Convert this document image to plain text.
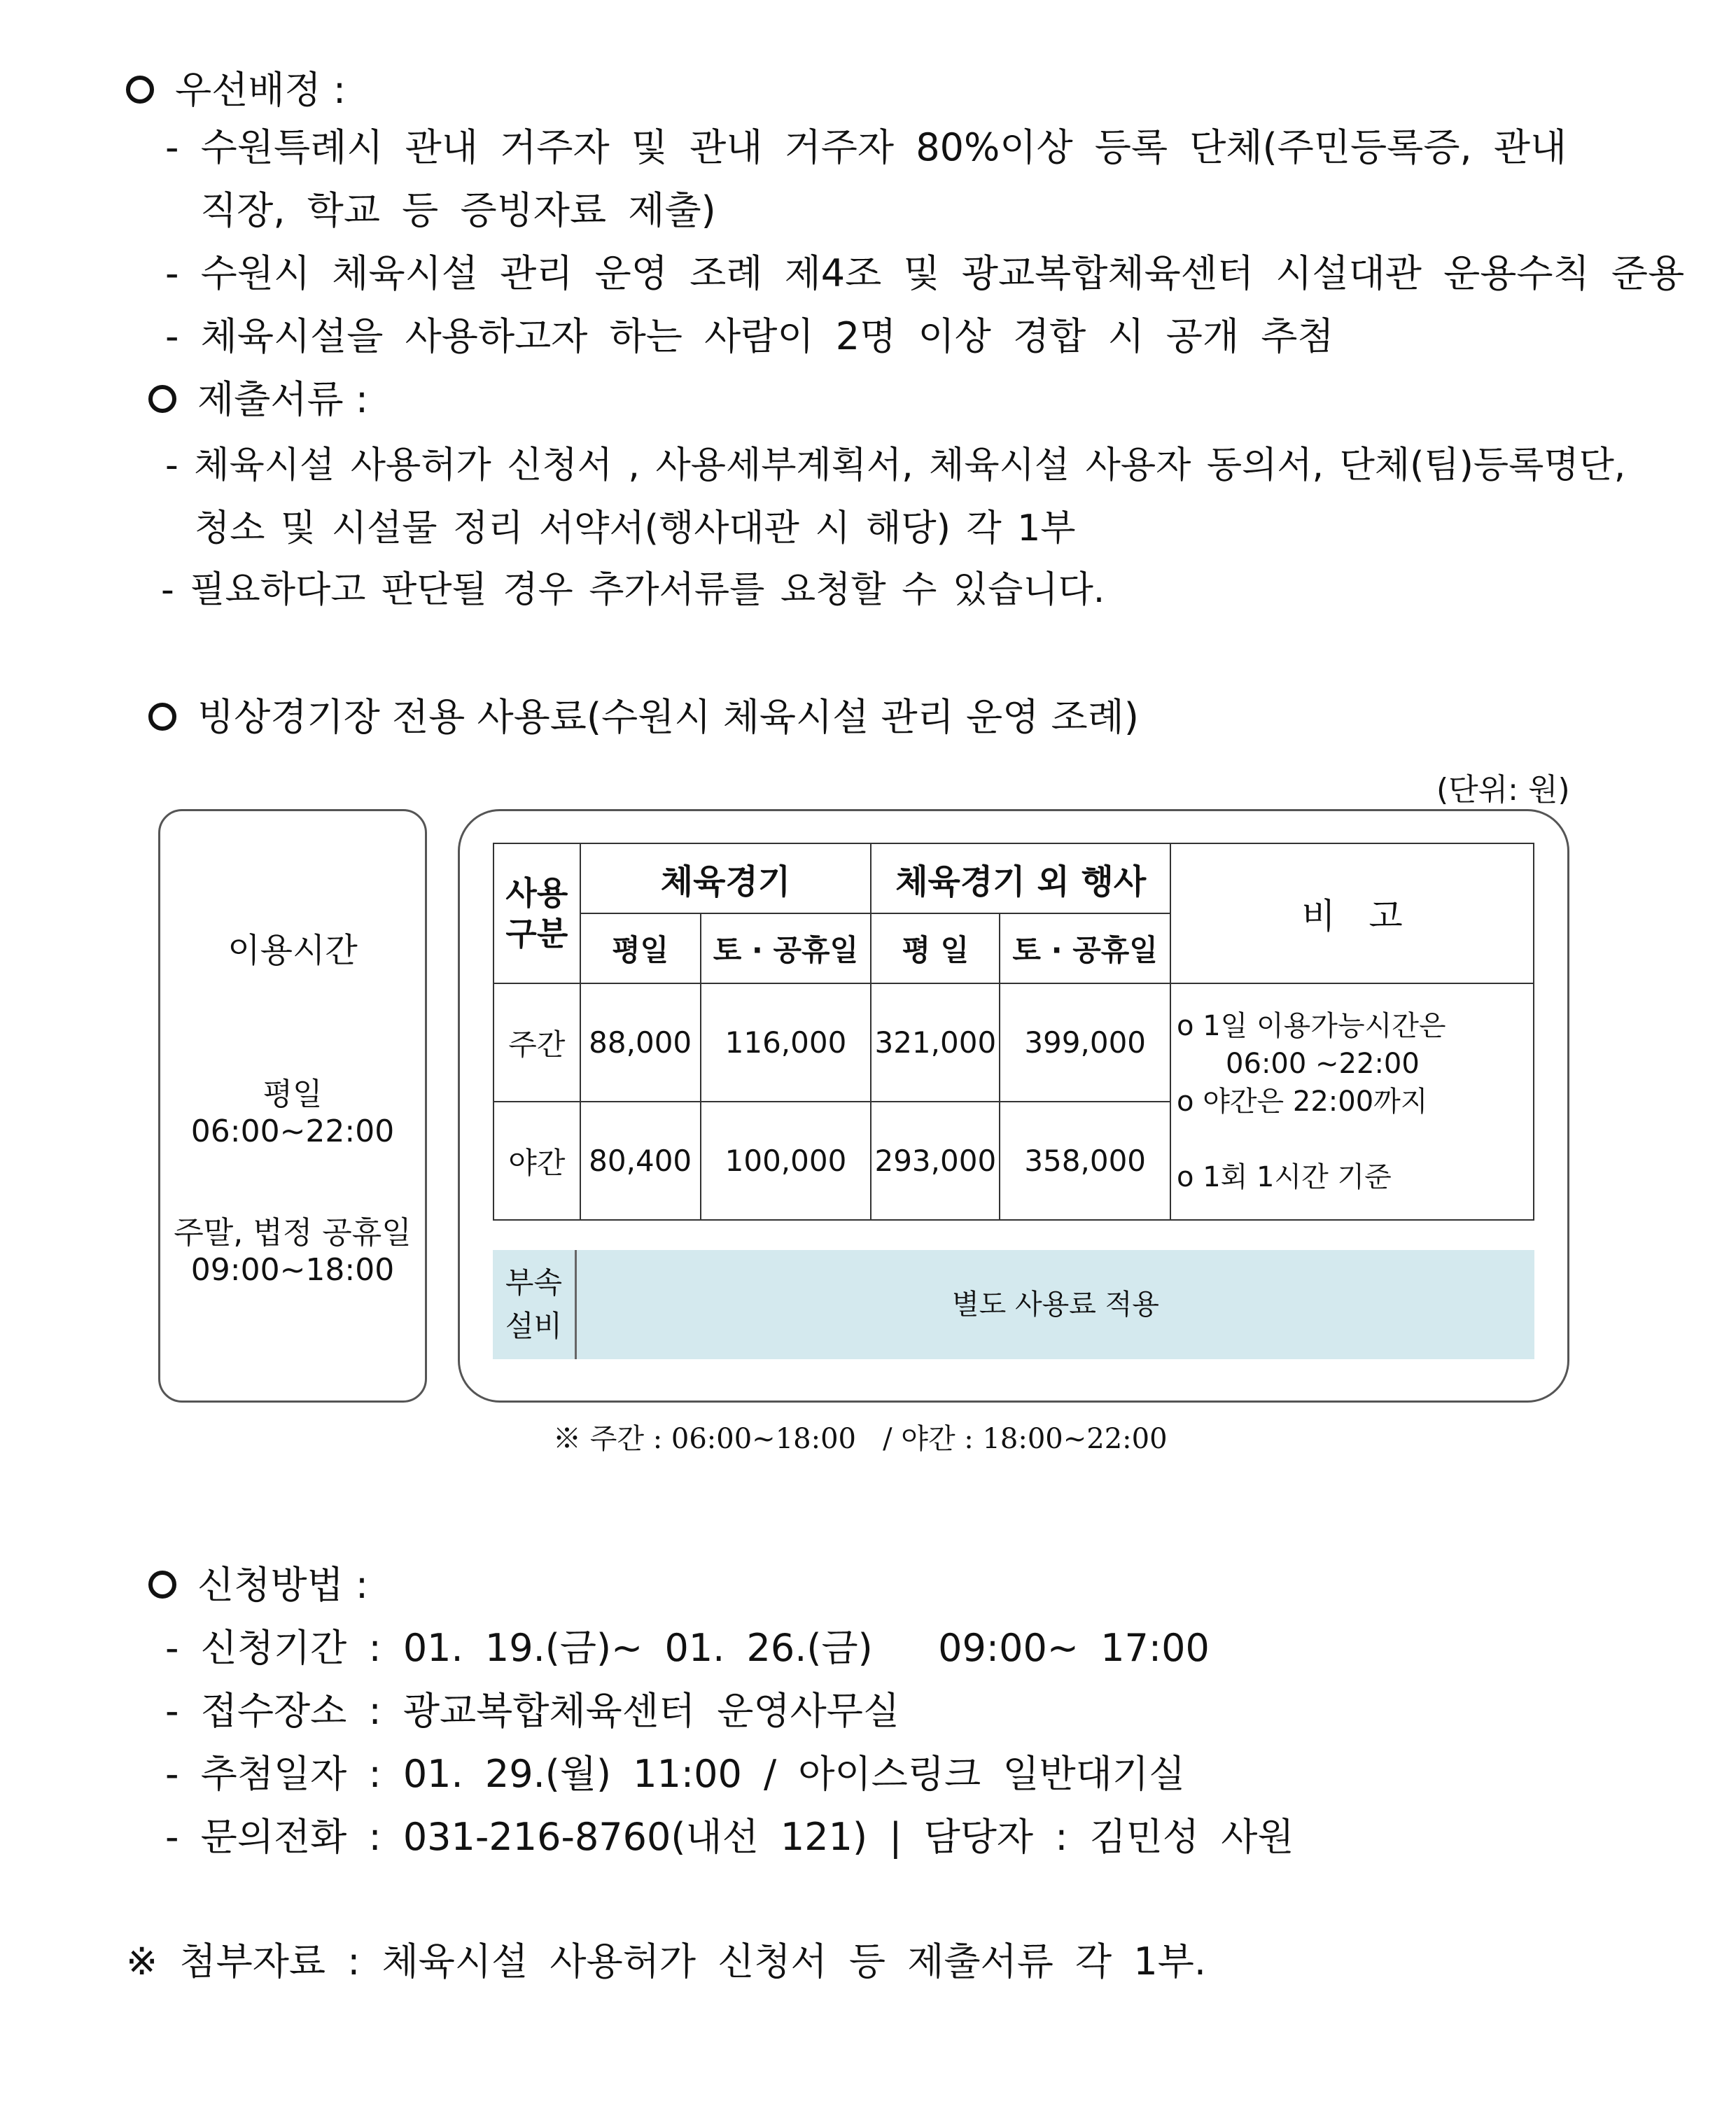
우선배정 :
- 수원특례시 관내 거주자 및 관내 거주자 80%이상 등록 단체(주민등록증, 관내
직장, 학교 등 증빙자료 제출)
- 수원시 체육시설 관리 운영 조례 제4조 및 광교복합체육센터 시설대관 운용수칙 준용
- 체육시설을 사용하고자 하는 사람이 2명 이상 경합 시 공개 추첨
제출서류 :
- 체육시설 사용허가 신청서 , 사용세부계획서, 체육시설 사용자 동의서, 단체(팀)등록명단,
청소 및 시설물 정리 서약서(행사대관 시 해당) 각 1부
- 필요하다고 판단될 경우 추가서류를 요청할 수 있습니다.
빙상경기장 전용 사용료(수원시 체육시설 관리 운영 조례)
(단위: 원)
이용시간
평일
06:00~22:00
주말, 법정 공휴일
09:00~18:00
사용 구분	체육경기		체육경기 외 행사		비   고
	평일	토 · 공휴일	평 일	토 · 공휴일	
주간	88,000	116,000	321,000	399,000	o 1일 이용가능시간은
06:00 ~22:00
o 야간은 22:00까지
o 1회 1시간 기준

야간	80,400	100,000	293,000	358,000	
부속 설비
별도 사용료 적용
※ 주간 : 06:00~18:00   / 야간 : 18:00~22:00
신청방법 :
- 신청기간 : 01. 19.(금)~ 01. 26.(금)   09:00~ 17:00
- 접수장소 : 광교복합체육센터 운영사무실
- 추첨일자 : 01. 29.(월) 11:00 / 아이스링크 일반대기실
- 문의전화 : 031-216-8760(내선 121) | 담당자 : 김민성 사원
※ 첨부자료 : 체육시설 사용허가 신청서 등 제출서류 각 1부.
